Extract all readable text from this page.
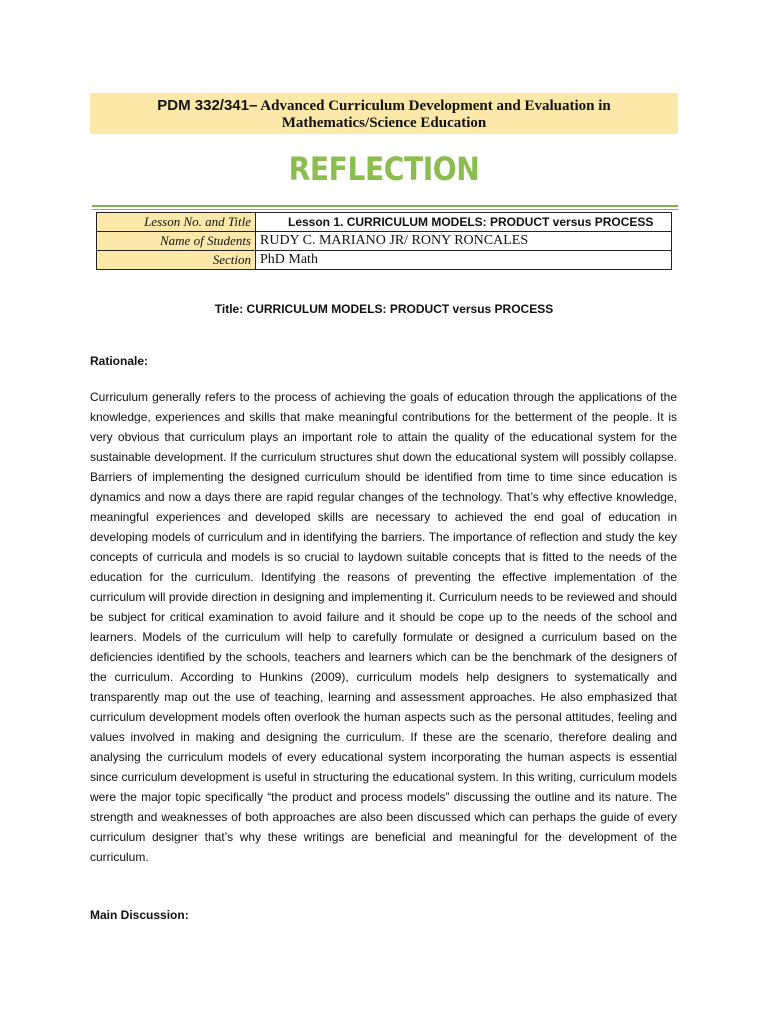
PDM 332/341– Advanced Curriculum Development and Evaluation in
Mathematics/Science Education
REFLECTION
Lesson No. and Title	Lesson 1. CURRICULUM MODELS: PRODUCT versus PROCESS
Name of Students	RUDY C. MARIANO JR/ RONY RONCALES
Section	PhD Math
Title: CURRICULUM MODELS: PRODUCT versus PROCESS
Rationale:
Curriculum generally refers to the process of achieving the goals of education through the applications of the knowledge, experiences and skills that make meaningful contributions for the betterment of the people. It is very obvious that curriculum plays an important role to attain the quality of the educational system for the sustainable development. If the curriculum structures shut down the educational system will possibly collapse. Barriers of implementing the designed curriculum should be identified from time to time since education is dynamics and now a days there are rapid regular changes of the technology. That’s why effective knowledge, meaningful experiences and developed skills are necessary to achieved the end goal of education in developing models of curriculum and in identifying the barriers. The importance of reflection and study the key concepts of curricula and models is so crucial to laydown suitable concepts that is fitted to the needs of the education for the curriculum. Identifying the reasons of preventing the effective implementation of the curriculum will provide direction in designing and implementing it. Curriculum needs to be reviewed and should be subject for critical examination to avoid failure and it should be cope up to the needs of the school and learners. Models of the curriculum will help to carefully formulate or designed a curriculum based on the deficiencies identified by the schools, teachers and learners which can be the benchmark of the designers of the curriculum. According to Hunkins (2009), curriculum models help designers to systematically and transparently map out the use of teaching, learning and assessment approaches. He also emphasized that curriculum development models often overlook the human aspects such as the personal attitudes, feeling and values involved in making and designing the curriculum. If these are the scenario, therefore dealing and analysing the curriculum models of every educational system incorporating the human aspects is essential since curriculum development is useful in structuring the educational system. In this writing, curriculum models were the major topic specifically “the product and process models” discussing the outline and its nature. The strength and weaknesses of both approaches are also been discussed which can perhaps the guide of every curriculum designer that’s why these writings are beneficial and meaningful for the development of the curriculum.
Main Discussion:
